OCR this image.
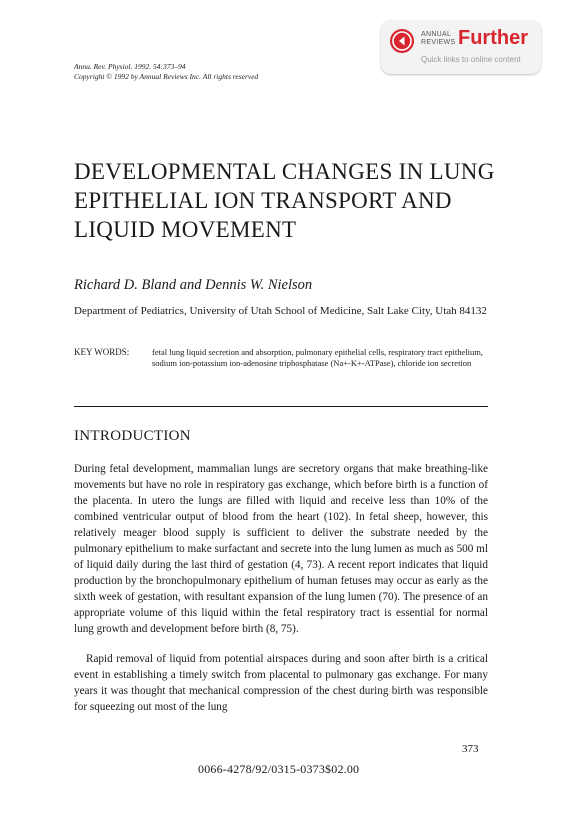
ANNUAL
REVIEWS Further
Quick links to online content
Annu. Rev. Physiol. 1992. 54:373–94
Copyright © 1992 by Annual Reviews Inc. All rights reserved
DEVELOPMENTAL CHANGES IN LUNG EPITHELIAL ION TRANSPORT AND LIQUID MOVEMENT
Richard D. Bland and Dennis W. Nielson
Department of Pediatrics, University of Utah School of Medicine, Salt Lake City, Utah 84132
KEY WORDS:	fetal lung liquid secretion and absorption, pulmonary epithelial cells, respiratory tract epithelium, sodium ion-potassium ion-adenosine triphosphatase (Na+-K+-ATPase), chloride ion secretion
INTRODUCTION
During fetal development, mammalian lungs are secretory organs that make breathing-like movements but have no role in respiratory gas exchange, which before birth is a function of the placenta. In utero the lungs are filled with liquid and receive less than 10% of the combined ventricular output of blood from the heart (102). In fetal sheep, however, this relatively meager blood supply is sufficient to deliver the substrate needed by the pulmonary epithelium to make surfactant and secrete into the lung lumen as much as 500 ml of liquid daily during the last third of gestation (4, 73). A recent report indicates that liquid production by the bronchopulmonary epithelium of human fetuses may occur as early as the sixth week of gestation, with resultant expansion of the lung lumen (70). The presence of an appropriate volume of this liquid within the fetal respiratory tract is essential for normal lung growth and development before birth (8, 75).
Rapid removal of liquid from potential airspaces during and soon after birth is a critical event in establishing a timely switch from placental to pulmonary gas exchange. For many years it was thought that mechanical compression of the chest during birth was responsible for squeezing out most of the lung
373
0066-4278/92/0315-0373$02.00
